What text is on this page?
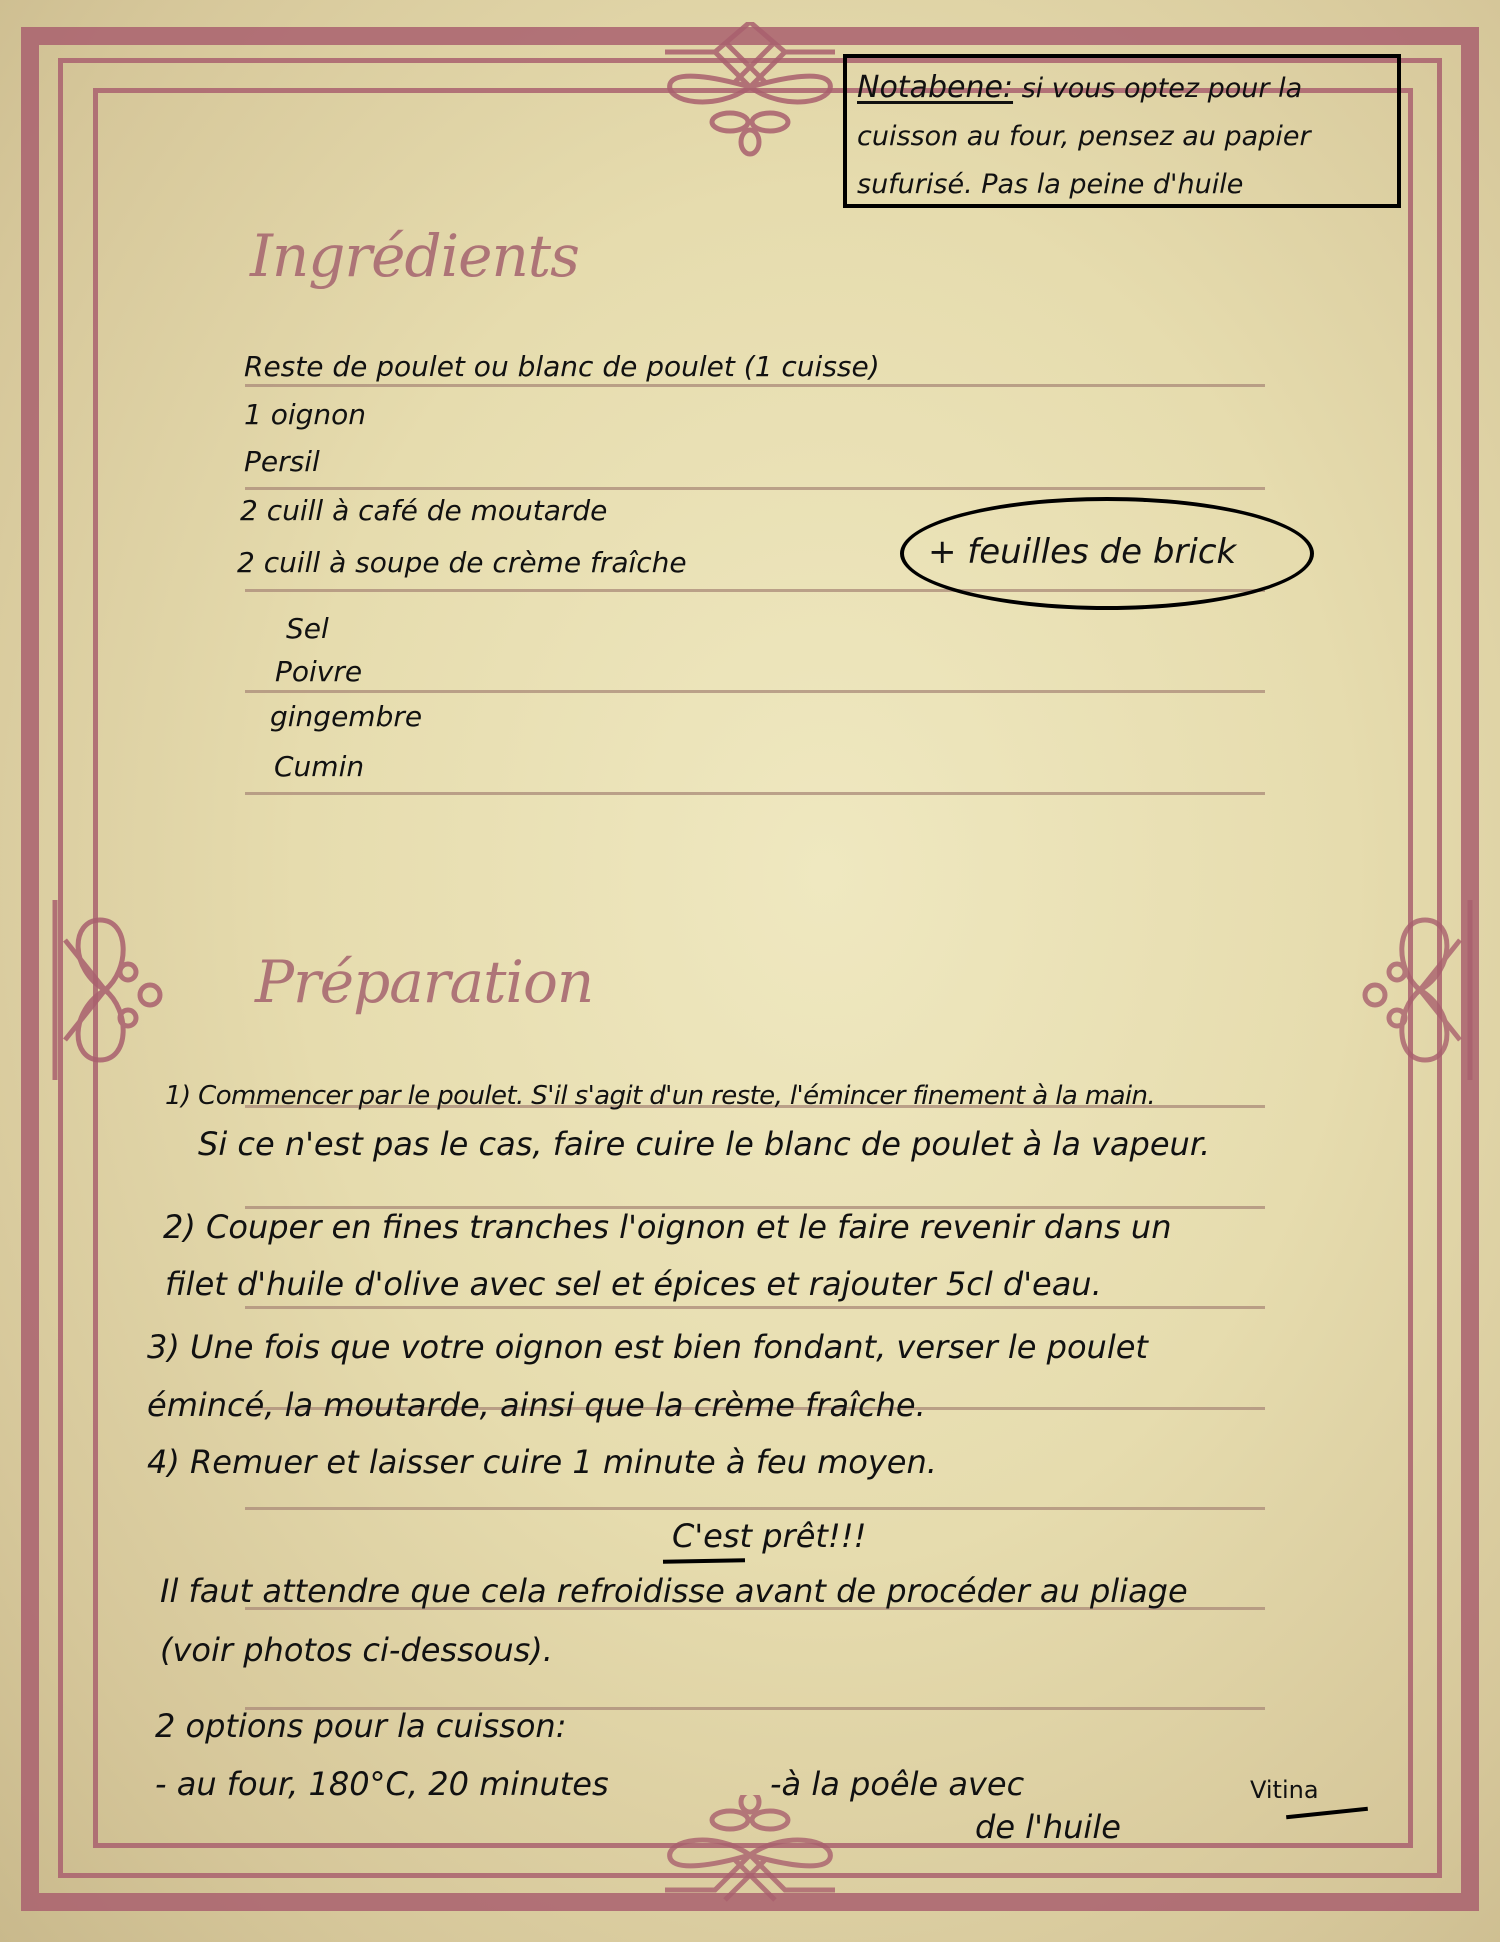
Notabene: si vous optez pour la
cuisson au four, pensez au papier
sufurisé. Pas la peine d'huile
Ingrédients
Reste de poulet ou blanc de poulet (1 cuisse)
1 oignon
Persil
2 cuill à café de moutarde
2 cuill à soupe de crème fraîche	+ feuilles de brick
Sel
Poivre
gingembre
Cumin
Préparation
1) Commencer par le poulet. S'il s'agit d'un reste, l'émincer finement à la main.
Si ce n'est pas le cas, faire cuire le blanc de poulet à la vapeur.
2) Couper en fines tranches l'oignon et le faire revenir dans un
filet d'huile d'olive avec sel et épices et rajouter 5cl d'eau.
3) Une fois que votre oignon est bien fondant, verser le poulet
émincé, la moutarde, ainsi que la crème fraîche.
4) Remuer et laisser cuire 1 minute à feu moyen.
C'est prêt!!!
Il faut attendre que cela refroidisse avant de procéder au pliage
(voir photos ci-dessous).
2 options pour la cuisson:
- au four, 180°C, 20 minutes	-à la poêle avec
de l'huile
Vitina
